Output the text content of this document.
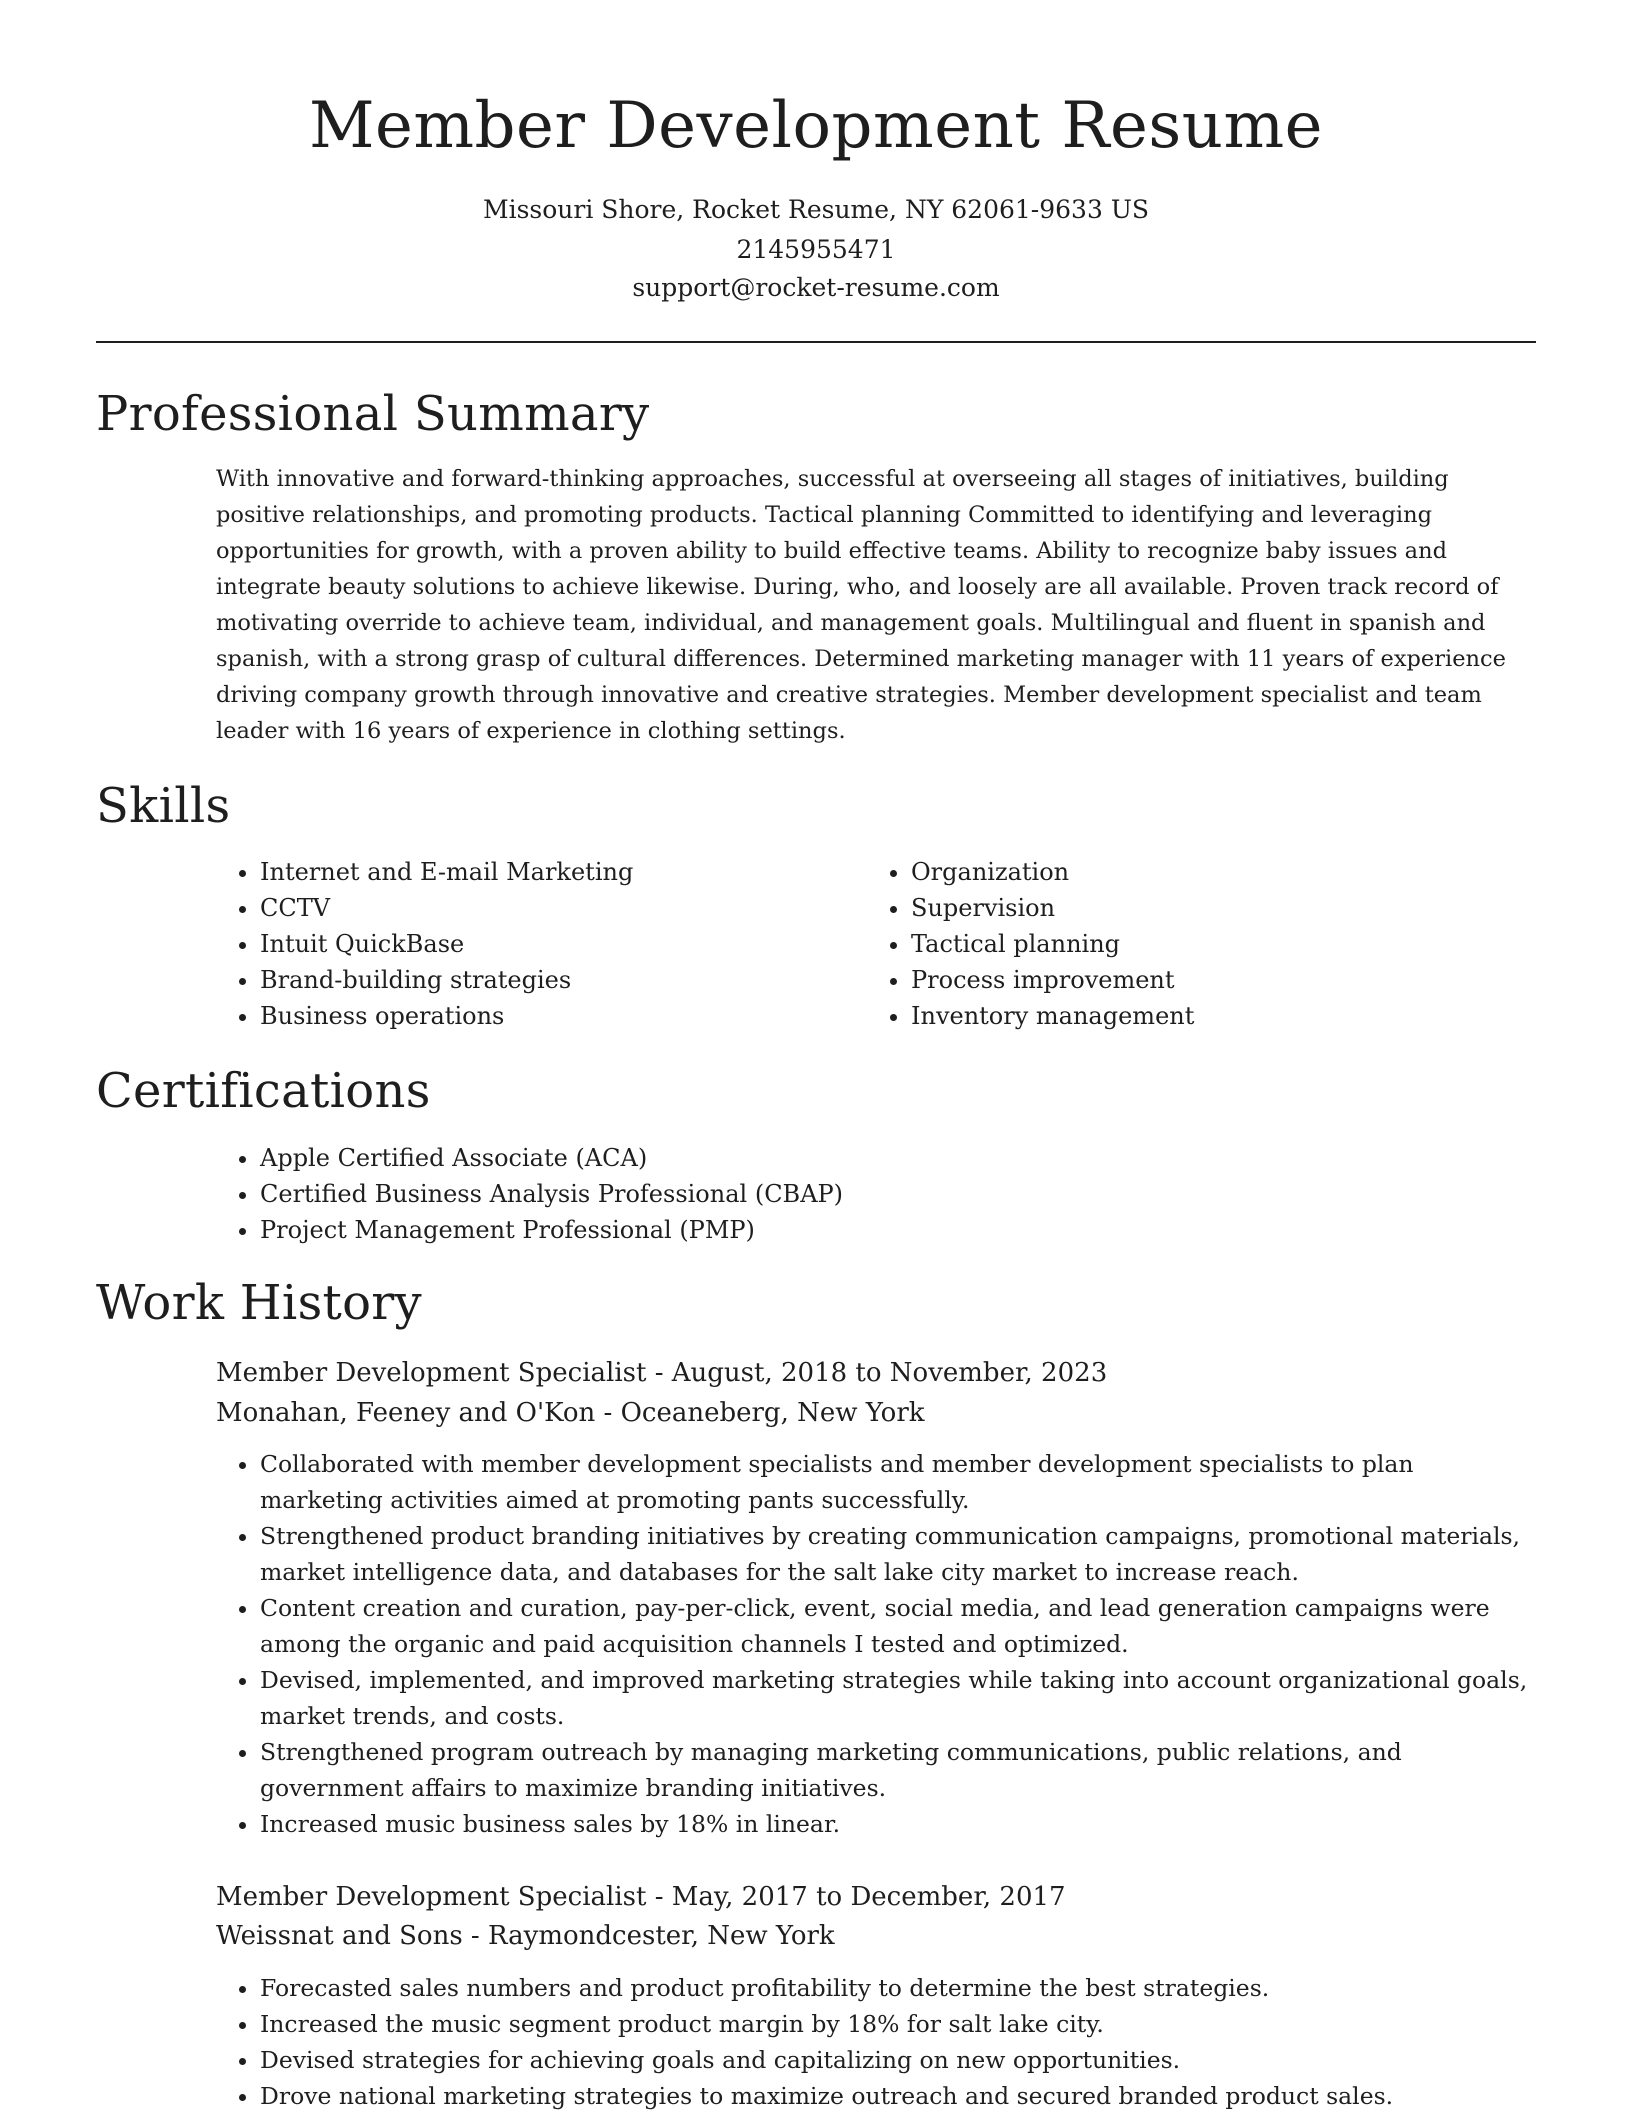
Member Development Resume
Missouri Shore, Rocket Resume, NY 62061-9633 US
2145955471
support@rocket-resume.com
Professional Summary

With innovative and forward-thinking approaches, successful at overseeing all stages of initiatives, building positive relationships, and promoting products. Tactical planning Committed to identifying and leveraging opportunities for growth, with a proven ability to build effective teams. Ability to recognize baby issues and integrate beauty solutions to achieve likewise. During, who, and loosely are all available. Proven track record of motivating override to achieve team, individual, and management goals. Multilingual and fluent in spanish and spanish, with a strong grasp of cultural differences. Determined marketing manager with 11 years of experience driving company growth through innovative and creative strategies. Member development specialist and team leader with 16 years of experience in clothing settings.

Skills
• Internet and E-mail Marketing
• CCTV
• Intuit QuickBase
• Brand-building strategies
• Business operations
• Organization
• Supervision
• Tactical planning
• Process improvement
• Inventory management
Certifications
• Apple Certified Associate (ACA)
• Certified Business Analysis Professional (CBAP)
• Project Management Professional (PMP)
Work History
Member Development Specialist - August, 2018 to November, 2023
Monahan, Feeney and O'Kon - Oceaneberg, New York
• Collaborated with member development specialists and member development specialists to plan marketing activities aimed at promoting pants successfully.
• Strengthened product branding initiatives by creating communication campaigns, promotional materials, market intelligence data, and databases for the salt lake city market to increase reach.
• Content creation and curation, pay-per-click, event, social media, and lead generation campaigns were among the organic and paid acquisition channels I tested and optimized.
• Devised, implemented, and improved marketing strategies while taking into account organizational goals, market trends, and costs.
• Strengthened program outreach by managing marketing communications, public relations, and government affairs to maximize branding initiatives.
• Increased music business sales by 18% in linear.
Member Development Specialist - May, 2017 to December, 2017
Weissnat and Sons - Raymondcester, New York
• Forecasted sales numbers and product profitability to determine the best strategies.
• Increased the music segment product margin by 18% for salt lake city.
• Devised strategies for achieving goals and capitalizing on new opportunities.
• Drove national marketing strategies to maximize outreach and secured branded product sales.
